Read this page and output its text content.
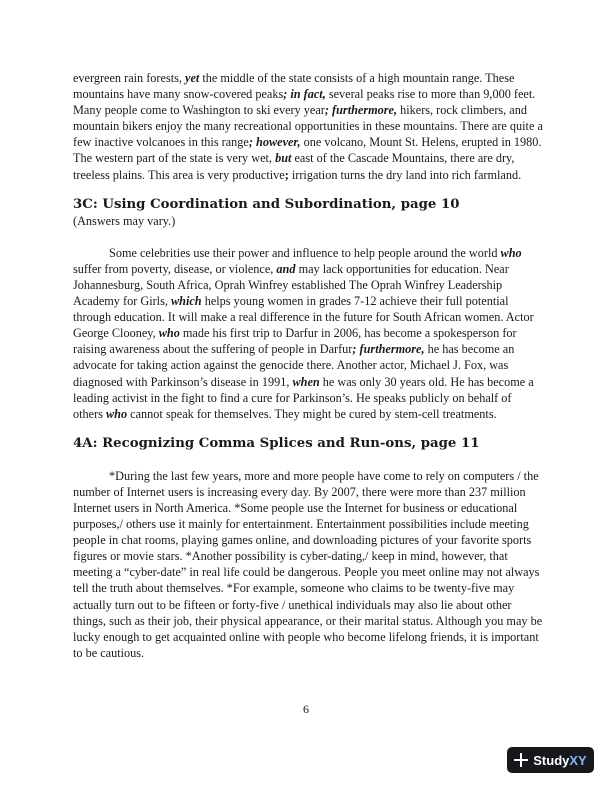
evergreen rain forests, yet the middle of the state consists of a high mountain range. These mountains have many snow-covered peaks; in fact, several peaks rise to more than 9,000 feet. Many people come to Washington to ski every year; furthermore, hikers, rock climbers, and mountain bikers enjoy the many recreational opportunities in these mountains. There are quite a few inactive volcanoes in this range; however, one volcano, Mount St. Helens, erupted in 1980. The western part of the state is very wet, but east of the Cascade Mountains, there are dry, treeless plains. This area is very productive; irrigation turns the dry land into rich farmland.

3C: Using Coordination and Subordination, page 10

(Answers may vary.)

Some celebrities use their power and influence to help people around the world who suffer from poverty, disease, or violence, and may lack opportunities for education. Near Johannesburg, South Africa, Oprah Winfrey established The Oprah Winfrey Leadership Academy for Girls, which helps young women in grades 7-12 achieve their full potential through education. It will make a real difference in the future for South African women. Actor George Clooney, who made his first trip to Darfur in 2006, has become a spokesperson for raising awareness about the suffering of people in Darfur; furthermore, he has become an advocate for taking action against the genocide there. Another actor, Michael J. Fox, was diagnosed with Parkinson’s disease in 1991, when he was only 30 years old. He has become a leading activist in the fight to find a cure for Parkinson’s. He speaks publicly on behalf of others who cannot speak for themselves. They might be cured by stem-cell treatments.

4A: Recognizing Comma Splices and Run-ons, page 11

*During the last few years, more and more people have come to rely on computers / the number of Internet users is increasing every day. By 2007, there were more than 237 million Internet users in North America. *Some people use the Internet for business or educational purposes,/ others use it mainly for entertainment. Entertainment possibilities include meeting people in chat rooms, playing games online, and downloading pictures of your favorite sports figures or movie stars. *Another possibility is cyber-dating,/ keep in mind, however, that meeting a “cyber-date” in real life could be dangerous. People you meet online may not always tell the truth about themselves. *For example, someone who claims to be twenty-five may actually turn out to be fifteen or forty-five / unethical individuals may also lie about other things, such as their job, their physical appearance, or their marital status. Although you may be lucky enough to get acquainted online with people who become lifelong friends, it is important to be cautious.

6
StudyXY
